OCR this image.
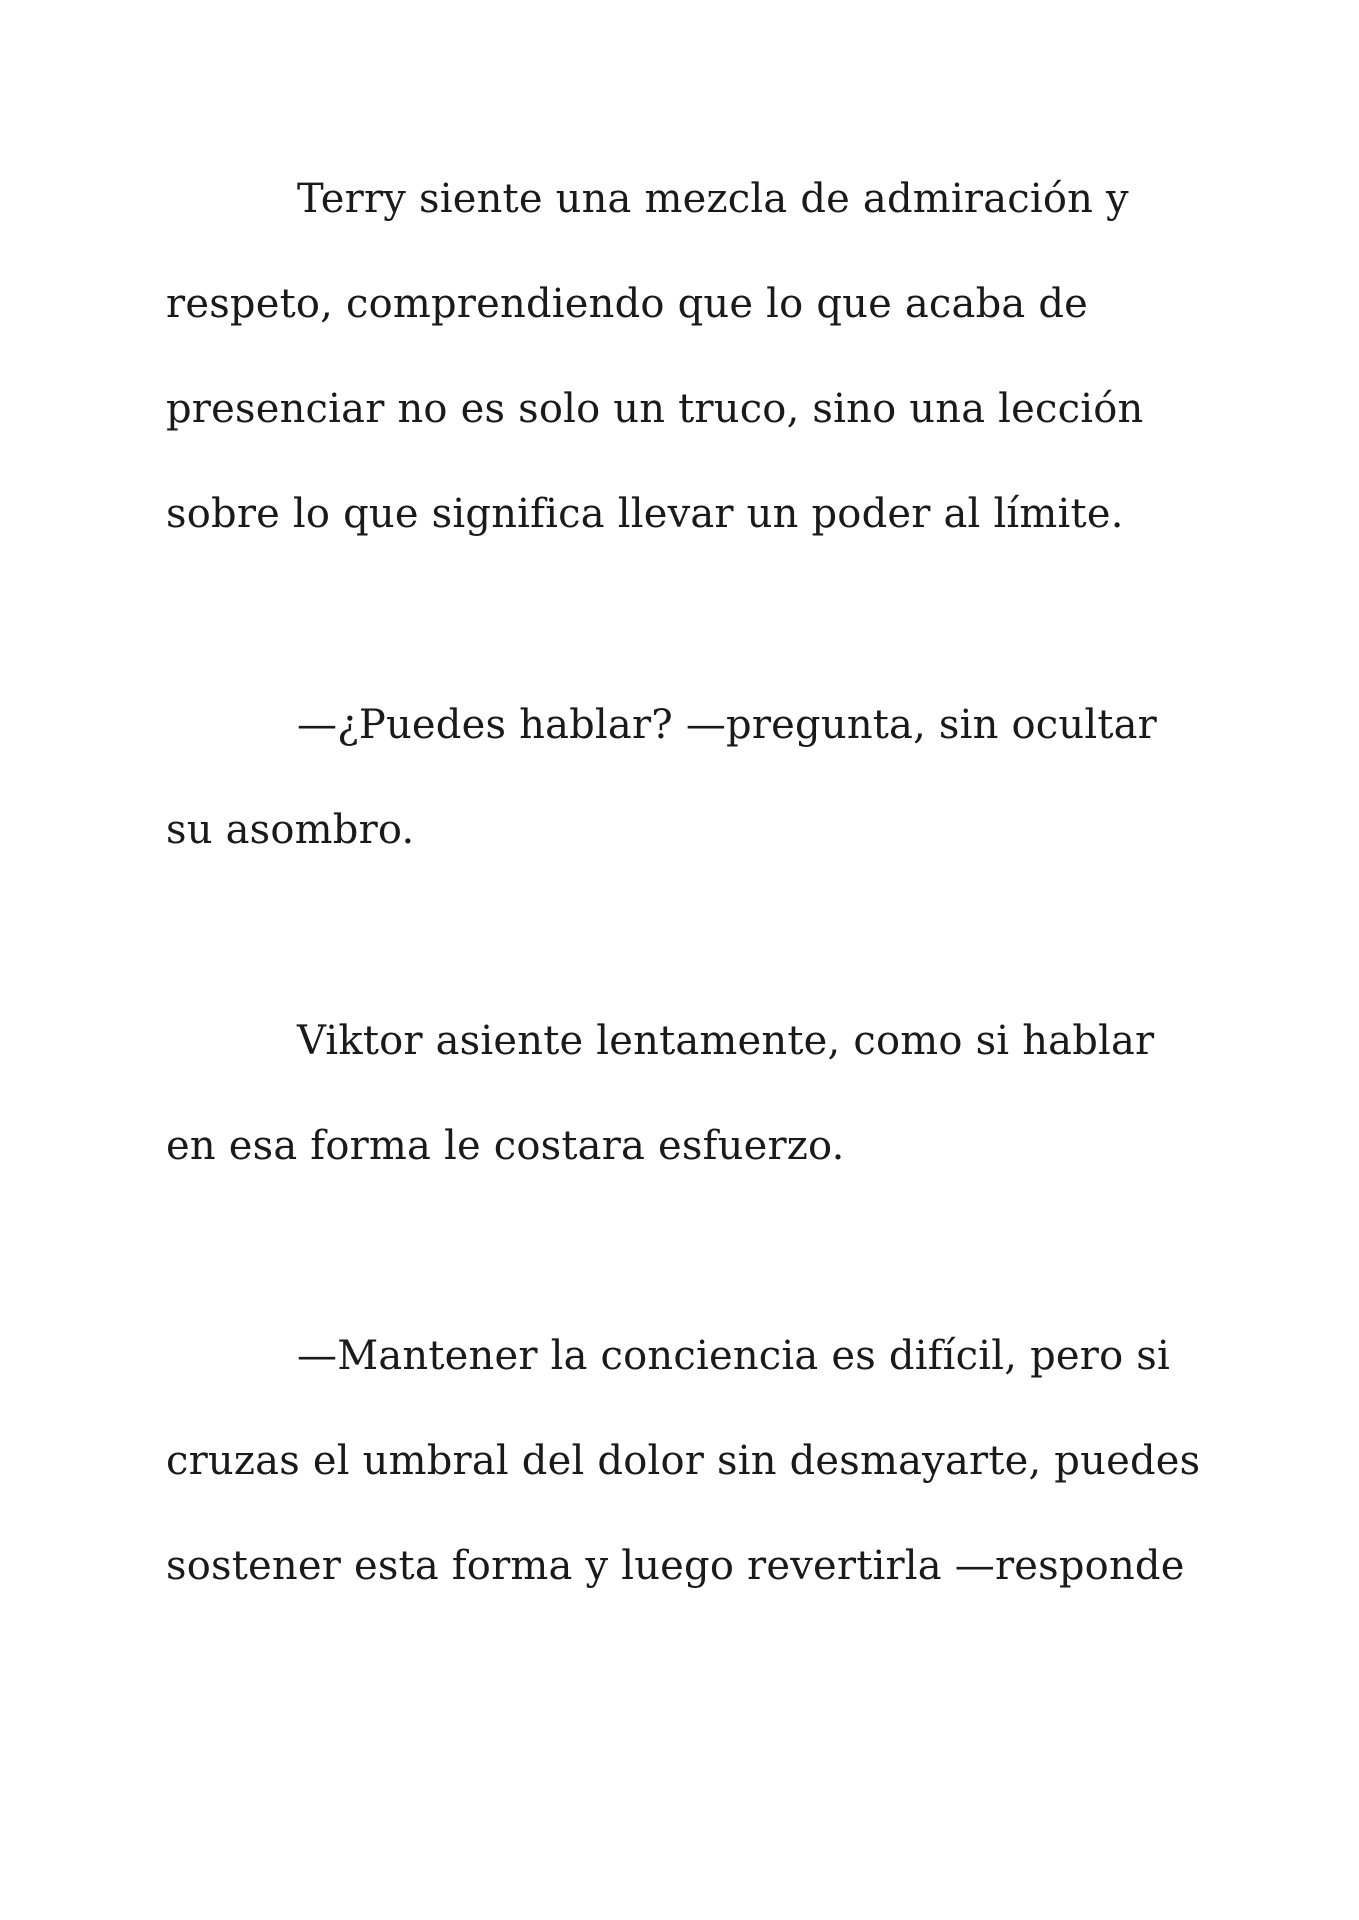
Terry siente una mezcla de admiración y
respeto, comprendiendo que lo que acaba de
presenciar no es solo un truco, sino una lección
sobre lo que significa llevar un poder al límite.
—¿Puedes hablar? —pregunta, sin ocultar
su asombro.
Viktor asiente lentamente, como si hablar
en esa forma le costara esfuerzo.
—Mantener la conciencia es difícil, pero si
cruzas el umbral del dolor sin desmayarte, puedes
sostener esta forma y luego revertirla —responde
